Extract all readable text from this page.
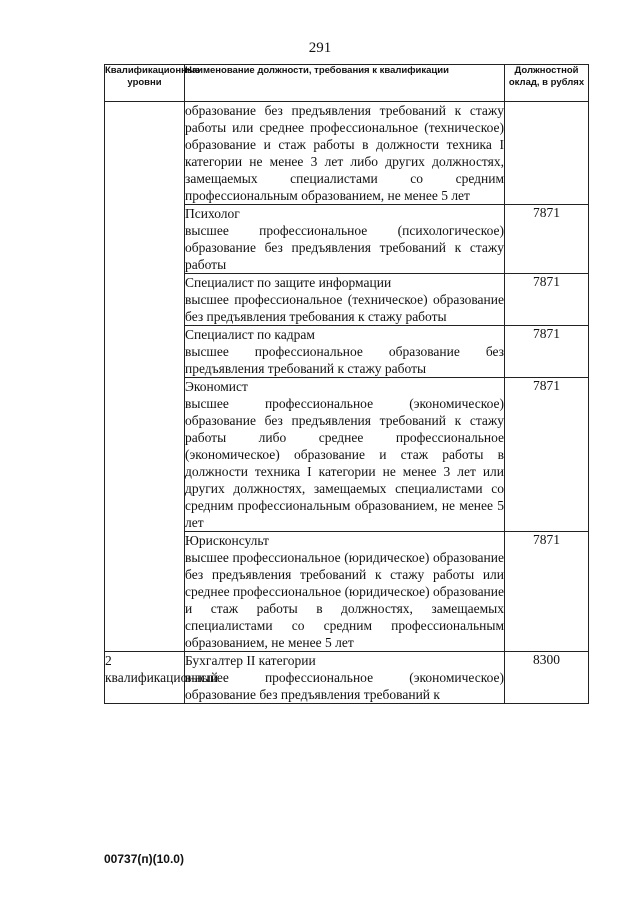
291
Квалификационные уровни	Наименование должности, требования к квалификации	Должностной оклад, в рублях

	образование без предъявления требований к стажу работы или среднее профессиональное (техническое) образование и стаж работы в должности техника I категории не менее 3 лет либо других должностях, замещаемых специалистами со средним профессиональным образованием, не менее 5 лет	

	Психолог
высшее профессиональное (психологическое) образование без предъявления требований к стажу работы	7871

	Специалист по защите информации
высшее профессиональное (техническое) образование без предъявления требования к стажу работы	7871

	Специалист по кадрам
высшее профессиональное образование без предъявления требований к стажу работы	7871

	Экономист
высшее профессиональное (экономическое) образование без предъявления требований к стажу работы либо среднее профессиональное (экономическое) образование и стаж работы в должности техника I категории не менее 3 лет или других должностях, замещаемых специалистами со средним профессиональным образованием, не менее 5 лет	7871

	Юрисконсульт
высшее профессиональное (юридическое) образование без предъявления требований к стажу работы или среднее профессиональное (юридическое) образование и стаж работы в должностях, замещаемых специалистами со средним профессиональным образованием, не менее 5 лет	7871
2 квалификационный	Бухгалтер II категории
высшее профессиональное (экономическое) образование без предъявления требований к	8300
00737(п)(10.0)
